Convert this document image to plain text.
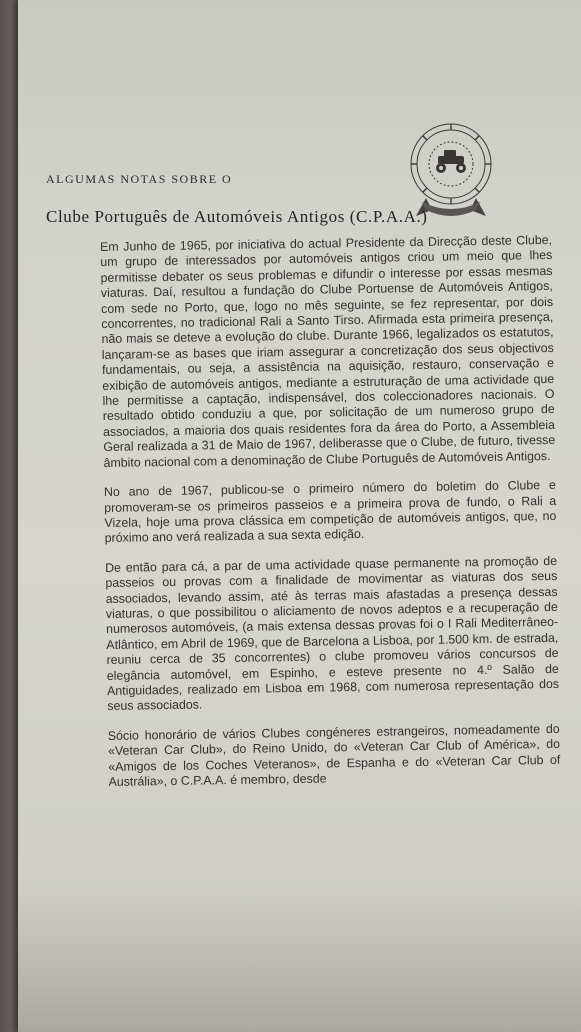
ALGUMAS NOTAS SOBRE O
Clube Português de Automóveis Antigos (C.P.A.A.)

Em Junho de 1965, por iniciativa do actual Presidente da Direcção deste Clube, um grupo de interessados por automóveis antigos criou um meio que lhes permitisse debater os seus problemas e difundir o interesse por essas mesmas viaturas. Daí, resultou a fundação do Clube Portuense de Automóveis Antigos, com sede no Porto, que, logo no mês seguinte, se fez representar, por dois concorrentes, no tradicional Rali a Santo Tirso. Afirmada esta primeira presença, não mais se deteve a evolução do clube. Durante 1966, legalizados os estatutos, lançaram-se as bases que iriam assegurar a concretização dos seus objectivos fundamentais, ou seja, a assistência na aquisição, restauro, conservação e exibição de automóveis antigos, mediante a estruturação de uma actividade que lhe permitisse a captação, indispensável, dos coleccionadores nacionais. O resultado obtido conduziu a que, por solicitação de um numeroso grupo de associados, a maioria dos quais residentes fora da área do Porto, a Assembleia Geral realizada a 31 de Maio de 1967, deliberasse que o Clube, de futuro, tivesse âmbito nacional com a denominação de Clube Português de Automóveis Antigos.

No ano de 1967, publicou-se o primeiro número do boletim do Clube e promoveram-se os primeiros passeios e a primeira prova de fundo, o Rali a Vizela, hoje uma prova clássica em competição de automóveis antigos, que, no próximo ano verá realizada a sua sexta edição.

De então para cá, a par de uma actividade quase permanente na promoção de passeios ou provas com a finalidade de movimentar as viaturas dos seus associados, levando assim, até às terras mais afastadas a presença dessas viaturas, o que possibilitou o aliciamento de novos adeptos e a recuperação de numerosos automóveis, (a mais extensa dessas provas foi o I Rali Mediterrâneo-Atlântico, em Abril de 1969, que de Barcelona a Lisboa, por 1.500 km. de estrada, reuniu cerca de 35 concorrentes) o clube promoveu vários concursos de elegância automóvel, em Espinho, e esteve presente no 4.º Salão de Antiguidades, realizado em Lisboa em 1968, com numerosa representação dos seus associados.

Sócio honorário de vários Clubes congéneres estrangeiros, nomeadamente do «Veteran Car Club», do Reino Unido, do «Veteran Car Club of América», do «Amigos de los Coches Veteranos», de Espanha e do «Veteran Car Club of Austrália», o C.P.A.A. é membro, desde
